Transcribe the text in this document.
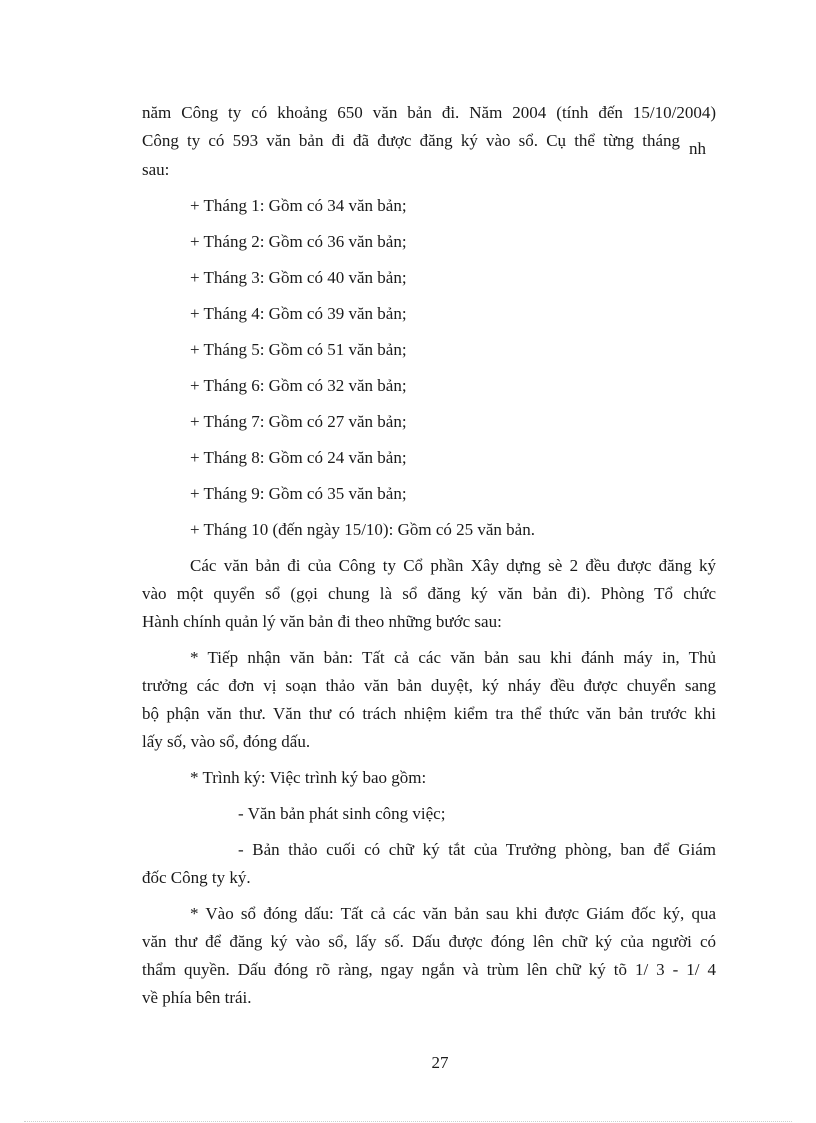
năm Công ty có khoảng 650 văn bản đi. Năm 2004 (tính đến 15/10/2004)
Công ty có 593 văn bản đi đã được đăng ký vào sổ. Cụ thể từng tháng nh
sau:
+ Tháng 1: Gồm có 34 văn bản;
+ Tháng 2: Gồm có 36 văn bản;
+ Tháng 3: Gồm có 40 văn bản;
+ Tháng 4: Gồm có 39 văn bản;
+ Tháng 5: Gồm có 51 văn bản;
+ Tháng 6: Gồm có 32 văn bản;
+ Tháng 7: Gồm có 27 văn bản;
+ Tháng 8: Gồm có 24 văn bản;
+ Tháng 9: Gồm có 35 văn bản;
+ Tháng 10 (đến ngày 15/10): Gồm có 25 văn bản.
Các văn bản đi của Công ty Cổ phần Xây dựng sè 2 đều được đăng ký
vào một quyển sổ (gọi chung là sổ đăng ký văn bản đi). Phòng Tổ chức
Hành chính quản lý văn bản đi theo những bước sau:
* Tiếp nhận văn bản: Tất cả các văn bản sau khi đánh máy in, Thủ
trưởng các đơn vị soạn thảo văn bản duyệt, ký nháy đều được chuyển sang
bộ phận văn thư. Văn thư có trách nhiệm kiểm tra thể thức văn bản trước khi
lấy số, vào sổ, đóng dấu.
* Trình ký: Việc trình ký bao gồm:
- Văn bản phát sinh công việc;
- Bản thảo cuối có chữ ký tắt của Trưởng phòng, ban để Giám
đốc Công ty ký.
* Vào sổ đóng dấu: Tất cả các văn bản sau khi được Giám đốc ký, qua
văn thư để đăng ký vào sổ, lấy số. Dấu được đóng lên chữ ký của người có
thẩm quyền. Dấu đóng rõ ràng, ngay ngắn và trùm lên chữ ký tõ 1/ 3 - 1/ 4
về phía bên trái.
27
